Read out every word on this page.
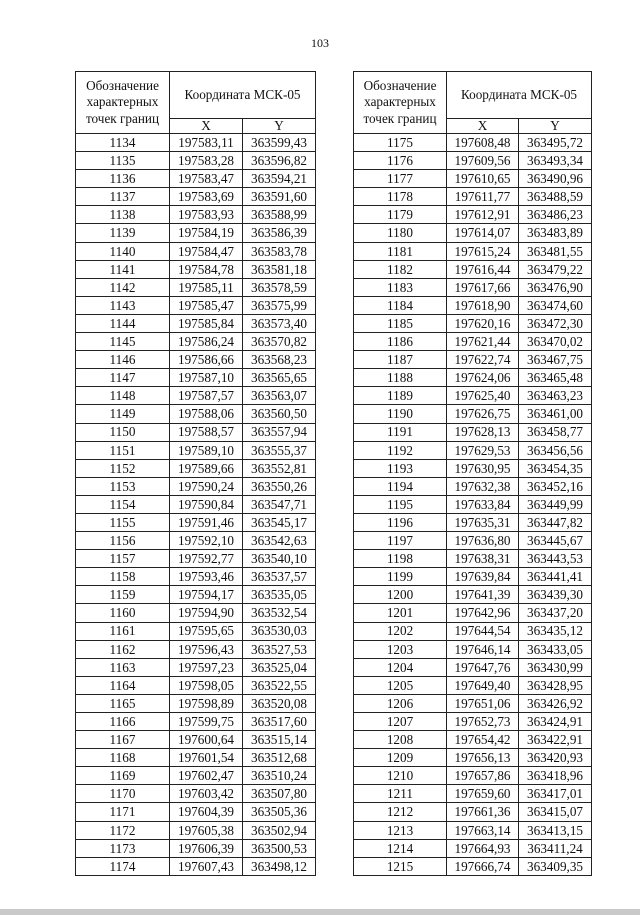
103
Обозначение характерных точек границ	Координата МСК-05	
	X	Y
1134	197583,11	363599,43
1135	197583,28	363596,82
1136	197583,47	363594,21
1137	197583,69	363591,60
1138	197583,93	363588,99
1139	197584,19	363586,39
1140	197584,47	363583,78
1141	197584,78	363581,18
1142	197585,11	363578,59
1143	197585,47	363575,99
1144	197585,84	363573,40
1145	197586,24	363570,82
1146	197586,66	363568,23
1147	197587,10	363565,65
1148	197587,57	363563,07
1149	197588,06	363560,50
1150	197588,57	363557,94
1151	197589,10	363555,37
1152	197589,66	363552,81
1153	197590,24	363550,26
1154	197590,84	363547,71
1155	197591,46	363545,17
1156	197592,10	363542,63
1157	197592,77	363540,10
1158	197593,46	363537,57
1159	197594,17	363535,05
1160	197594,90	363532,54
1161	197595,65	363530,03
1162	197596,43	363527,53
1163	197597,23	363525,04
1164	197598,05	363522,55
1165	197598,89	363520,08
1166	197599,75	363517,60
1167	197600,64	363515,14
1168	197601,54	363512,68
1169	197602,47	363510,24
1170	197603,42	363507,80
1171	197604,39	363505,36
1172	197605,38	363502,94
1173	197606,39	363500,53
1174	197607,43	363498,12
Обозначение характерных точек границ	Координата МСК-05	
	X	Y
1175	197608,48	363495,72
1176	197609,56	363493,34
1177	197610,65	363490,96
1178	197611,77	363488,59
1179	197612,91	363486,23
1180	197614,07	363483,89
1181	197615,24	363481,55
1182	197616,44	363479,22
1183	197617,66	363476,90
1184	197618,90	363474,60
1185	197620,16	363472,30
1186	197621,44	363470,02
1187	197622,74	363467,75
1188	197624,06	363465,48
1189	197625,40	363463,23
1190	197626,75	363461,00
1191	197628,13	363458,77
1192	197629,53	363456,56
1193	197630,95	363454,35
1194	197632,38	363452,16
1195	197633,84	363449,99
1196	197635,31	363447,82
1197	197636,80	363445,67
1198	197638,31	363443,53
1199	197639,84	363441,41
1200	197641,39	363439,30
1201	197642,96	363437,20
1202	197644,54	363435,12
1203	197646,14	363433,05
1204	197647,76	363430,99
1205	197649,40	363428,95
1206	197651,06	363426,92
1207	197652,73	363424,91
1208	197654,42	363422,91
1209	197656,13	363420,93
1210	197657,86	363418,96
1211	197659,60	363417,01
1212	197661,36	363415,07
1213	197663,14	363413,15
1214	197664,93	363411,24
1215	197666,74	363409,35
